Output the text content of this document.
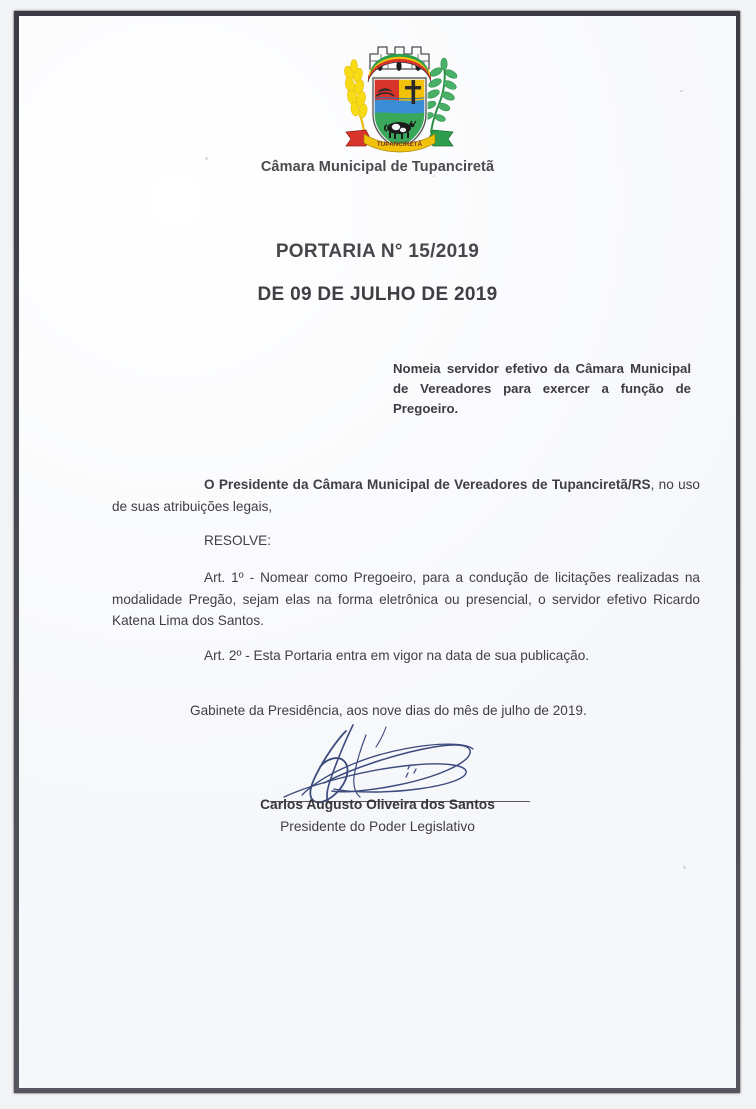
TUPANCIRETÃ
Câmara Municipal de Tupanciretã
PORTARIA N° 15/2019
DE 09 DE JULHO DE 2019
Nomeia servidor efetivo da Câmara Municipal de Vereadores para exercer a função de Pregoeiro.
O Presidente da Câmara Municipal de Vereadores de Tupanciretã/RS, no uso de suas atribuições legais,
RESOLVE:
Art. 1º - Nomear como Pregoeiro, para a condução de licitações realizadas na modalidade Pregão, sejam elas na forma eletrônica ou presencial, o servidor efetivo Ricardo Katena Lima dos Santos.
Art. 2º - Esta Portaria entra em vigor na data de sua publicação.
Gabinete da Presidência, aos nove dias do mês de julho de 2019.
Carlos Augusto Oliveira dos Santos
Presidente do Poder Legislativo
